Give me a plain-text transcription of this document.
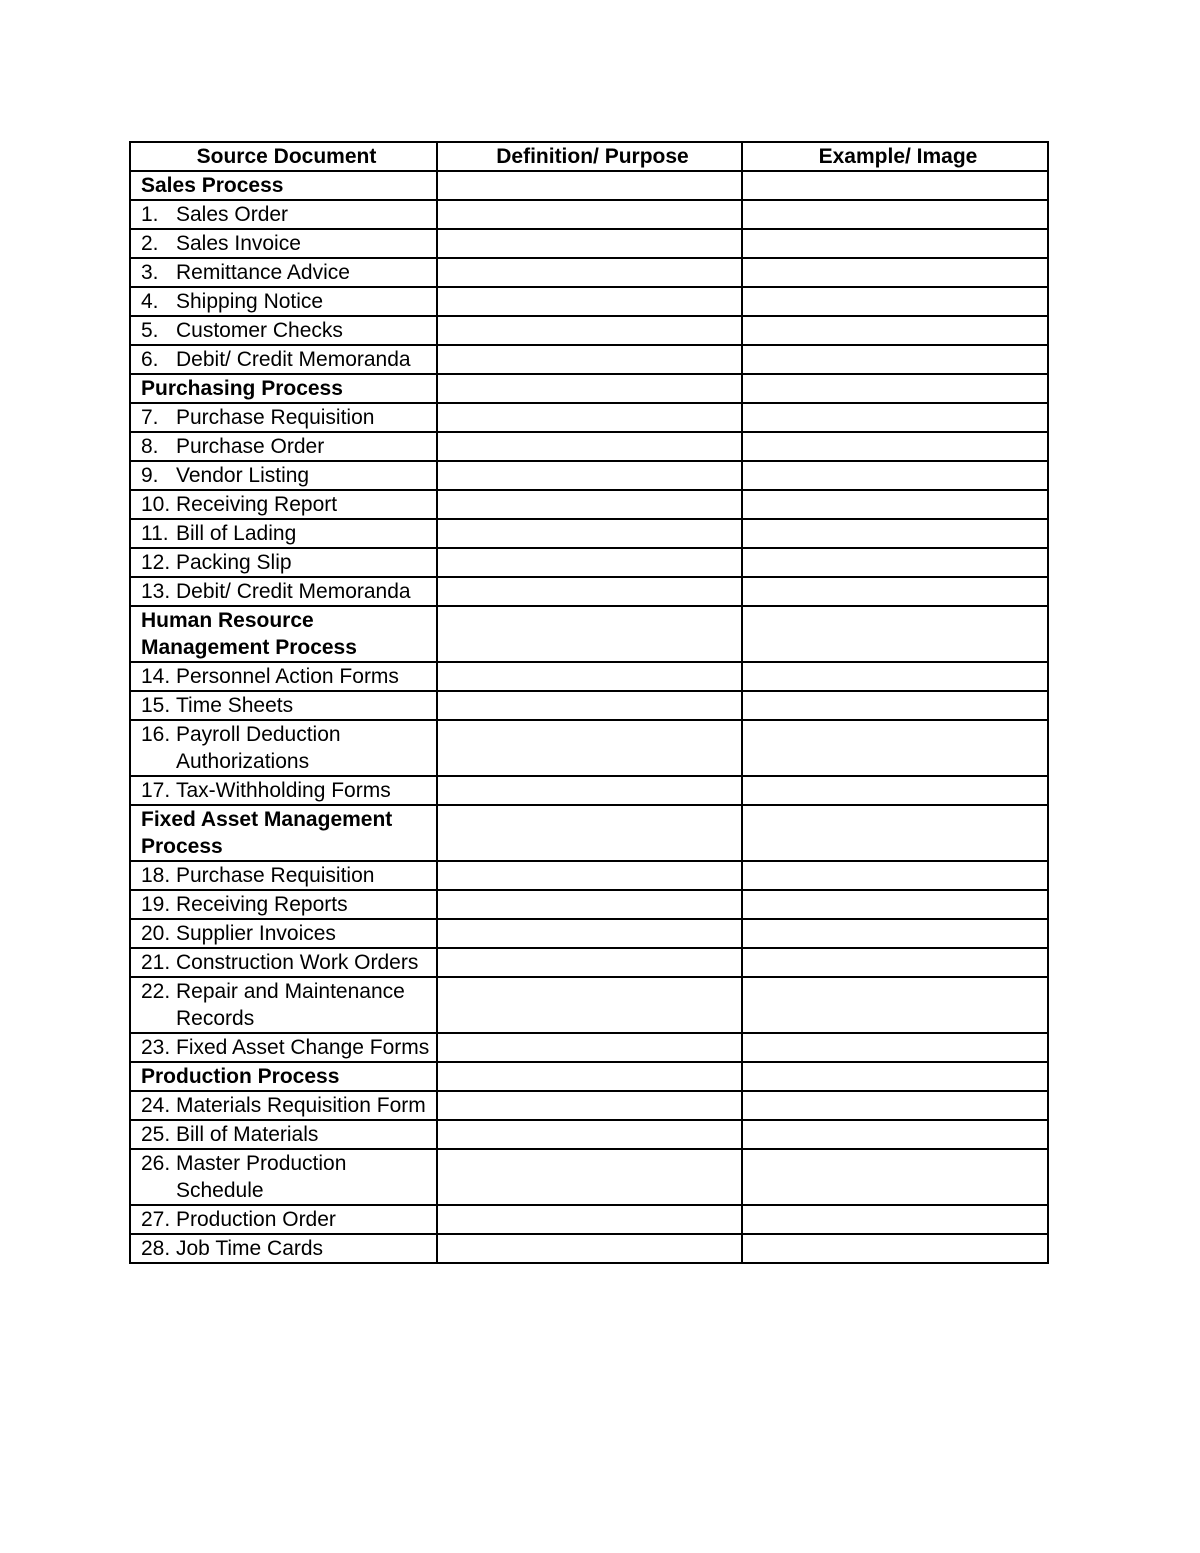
Source Document	Definition/ Purpose	Example/ Image
Sales Process		

1. Sales Order		

2. Sales Invoice		

3. Remittance Advice		

4. Shipping Notice		

5. Customer Checks		

6. Debit/ Credit Memoranda		

Purchasing Process		

7. Purchase Requisition		

8. Purchase Order		

9. Vendor Listing		

10. Receiving Report		

11. Bill of Lading		

12. Packing Slip		

13. Debit/ Credit Memoranda		

Human Resource Management Process		

14. Personnel Action Forms		

15. Time Sheets		

16. Payroll Deduction Authorizations		

17. Tax-Withholding Forms		

Fixed Asset Management Process		

18. Purchase Requisition		

19. Receiving Reports		

20. Supplier Invoices		

21. Construction Work Orders		

22. Repair and Maintenance Records		

23. Fixed Asset Change Forms		

Production Process		

24. Materials Requisition Form		

25. Bill of Materials		

26. Master Production Schedule		

27. Production Order		

28. Job Time Cards		
